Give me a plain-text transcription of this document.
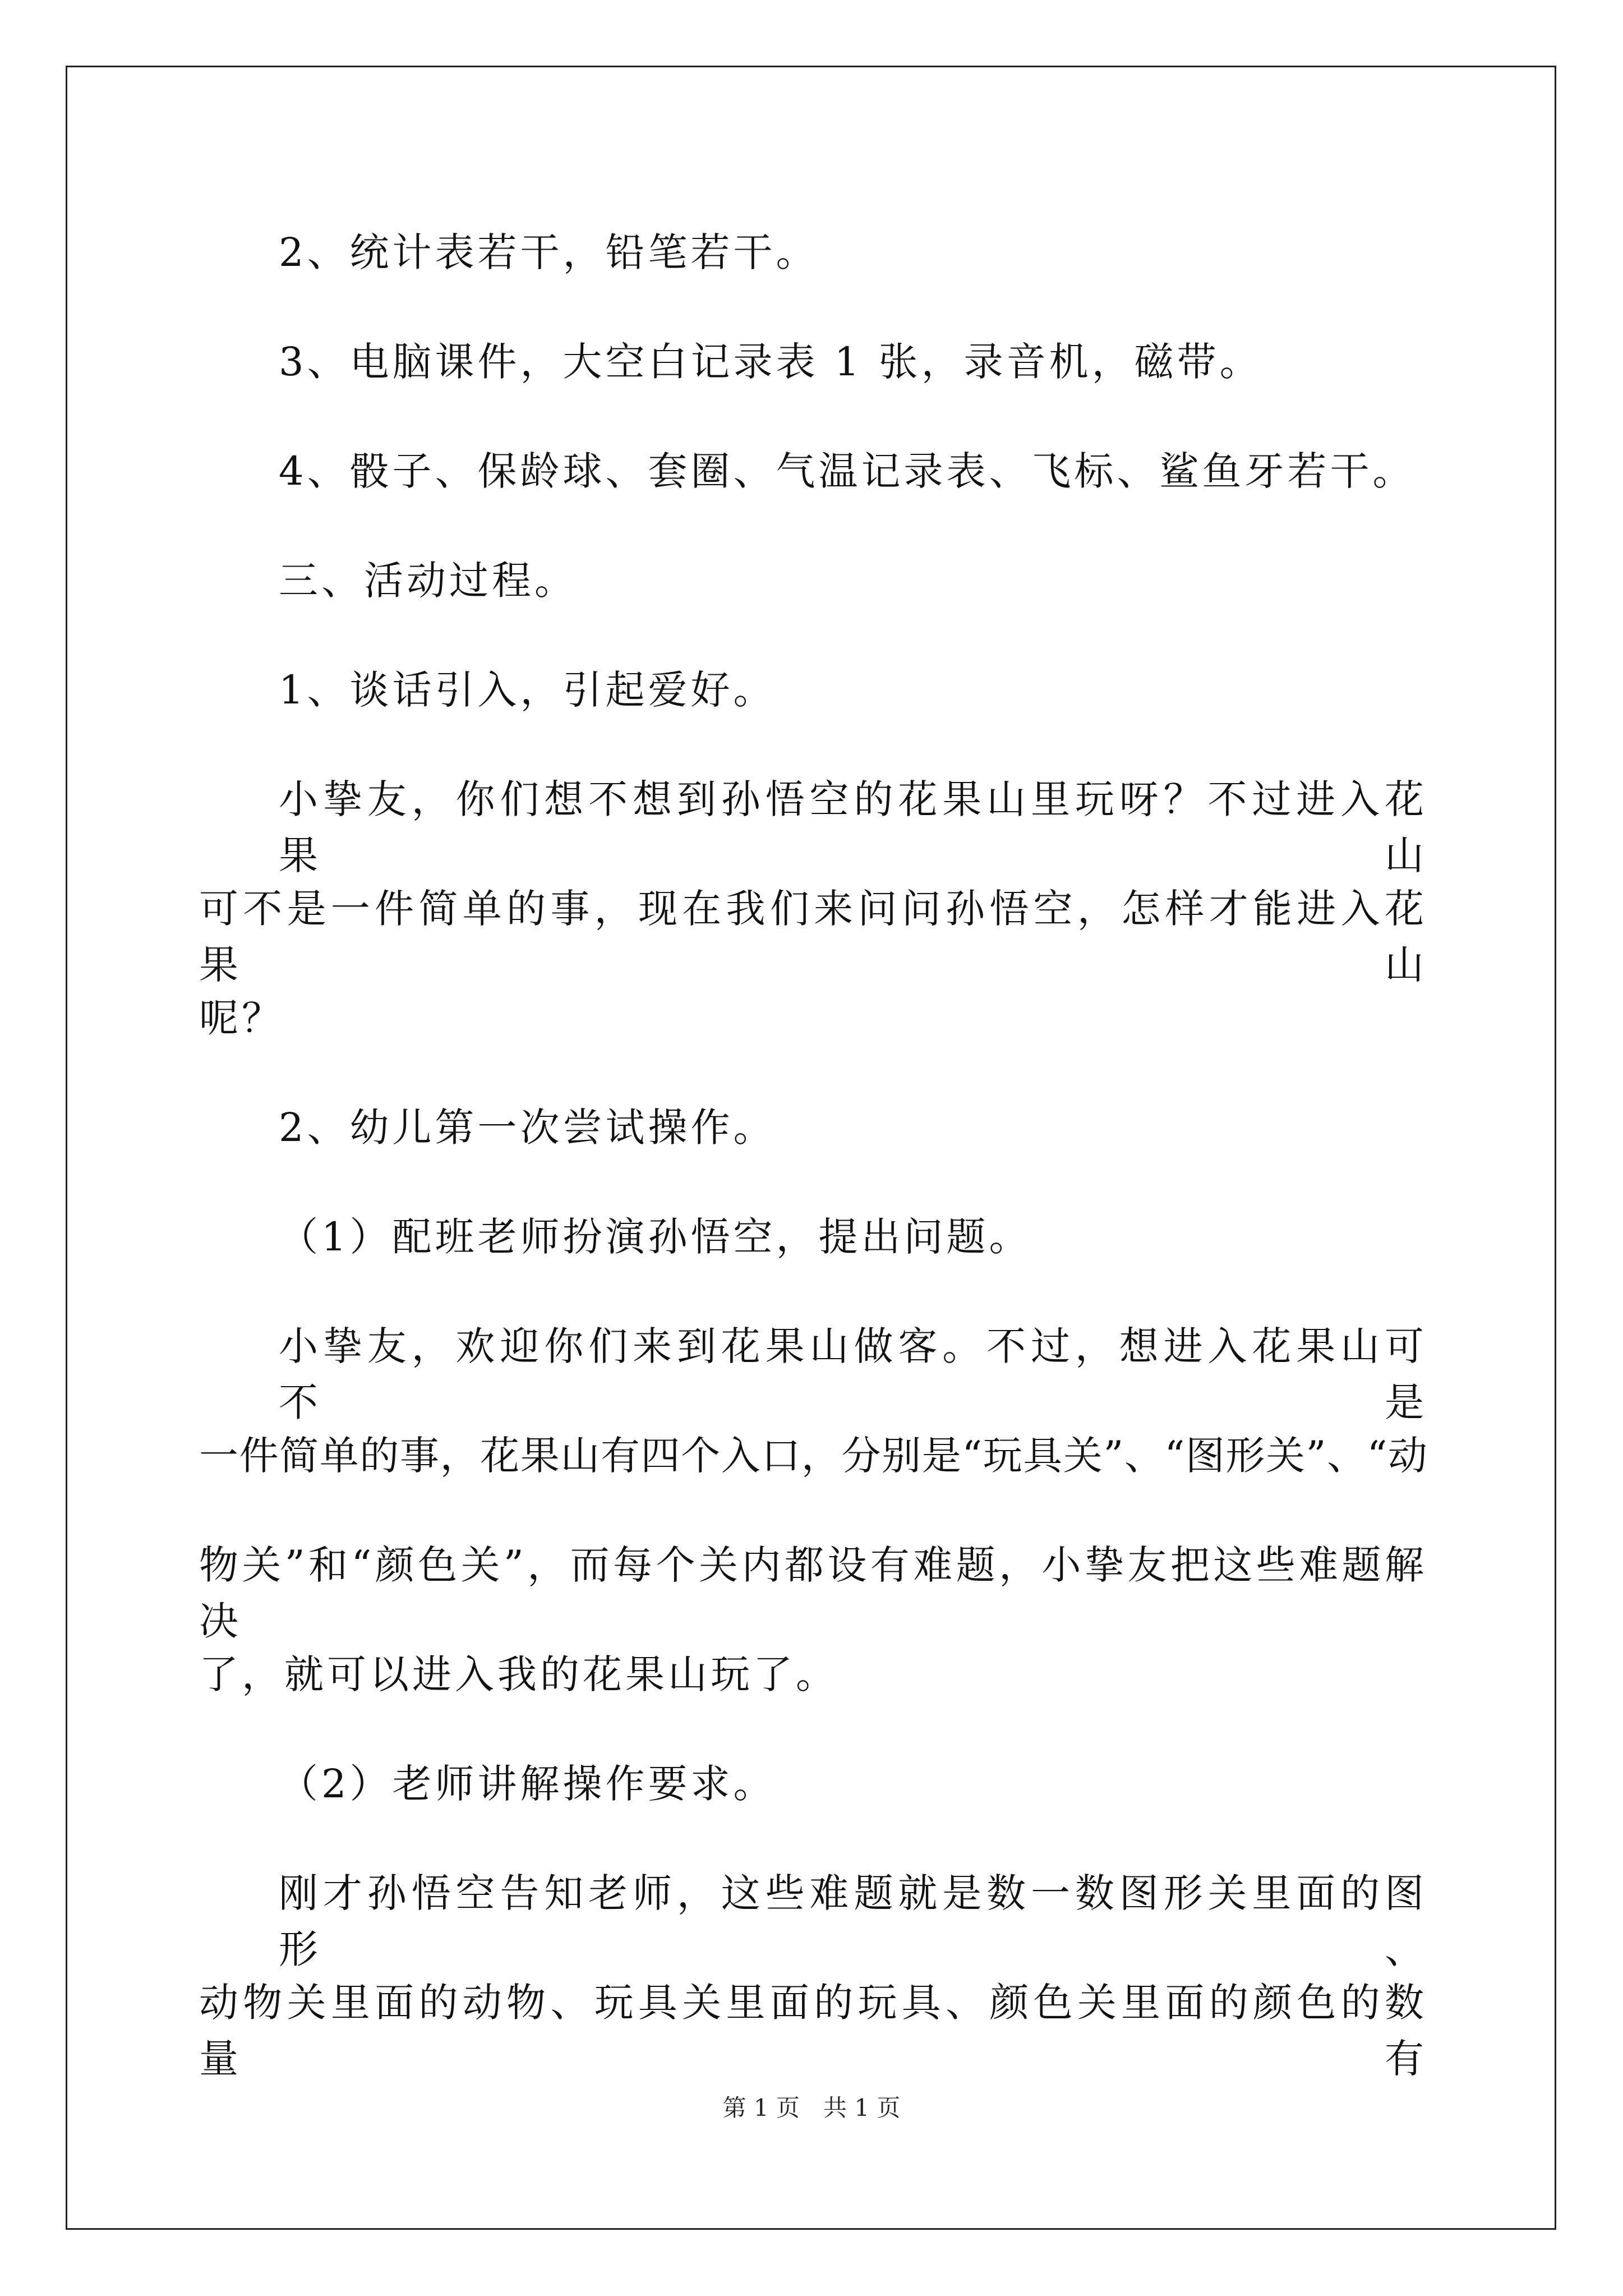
2、统计表若干，铅笔若干。
3、电脑课件，大空白记录表 1 张，录音机，磁带。
4、骰子、保龄球、套圈、气温记录表、飞标、鲨鱼牙若干。
三、活动过程。
1、谈话引入，引起爱好。
小挚友，你们想不想到孙悟空的花果山里玩呀？不过进入花果山
可不是一件简单的事，现在我们来问问孙悟空，怎样才能进入花果山
呢？
2、幼儿第一次尝试操作。
（1）配班老师扮演孙悟空，提出问题。
小挚友，欢迎你们来到花果山做客。不过，想进入花果山可不是
一件简单的事，花果山有四个入口，分别是“玩具关”、“图形关”、“动
物关”和“颜色关”，而每个关内都设有难题，小挚友把这些难题解决
了，就可以进入我的花果山玩了。
（2）老师讲解操作要求。
刚才孙悟空告知老师，这些难题就是数一数图形关里面的图形、
动物关里面的动物、玩具关里面的玩具、颜色关里面的颜色的数量有
第 1 页　共 1 页
